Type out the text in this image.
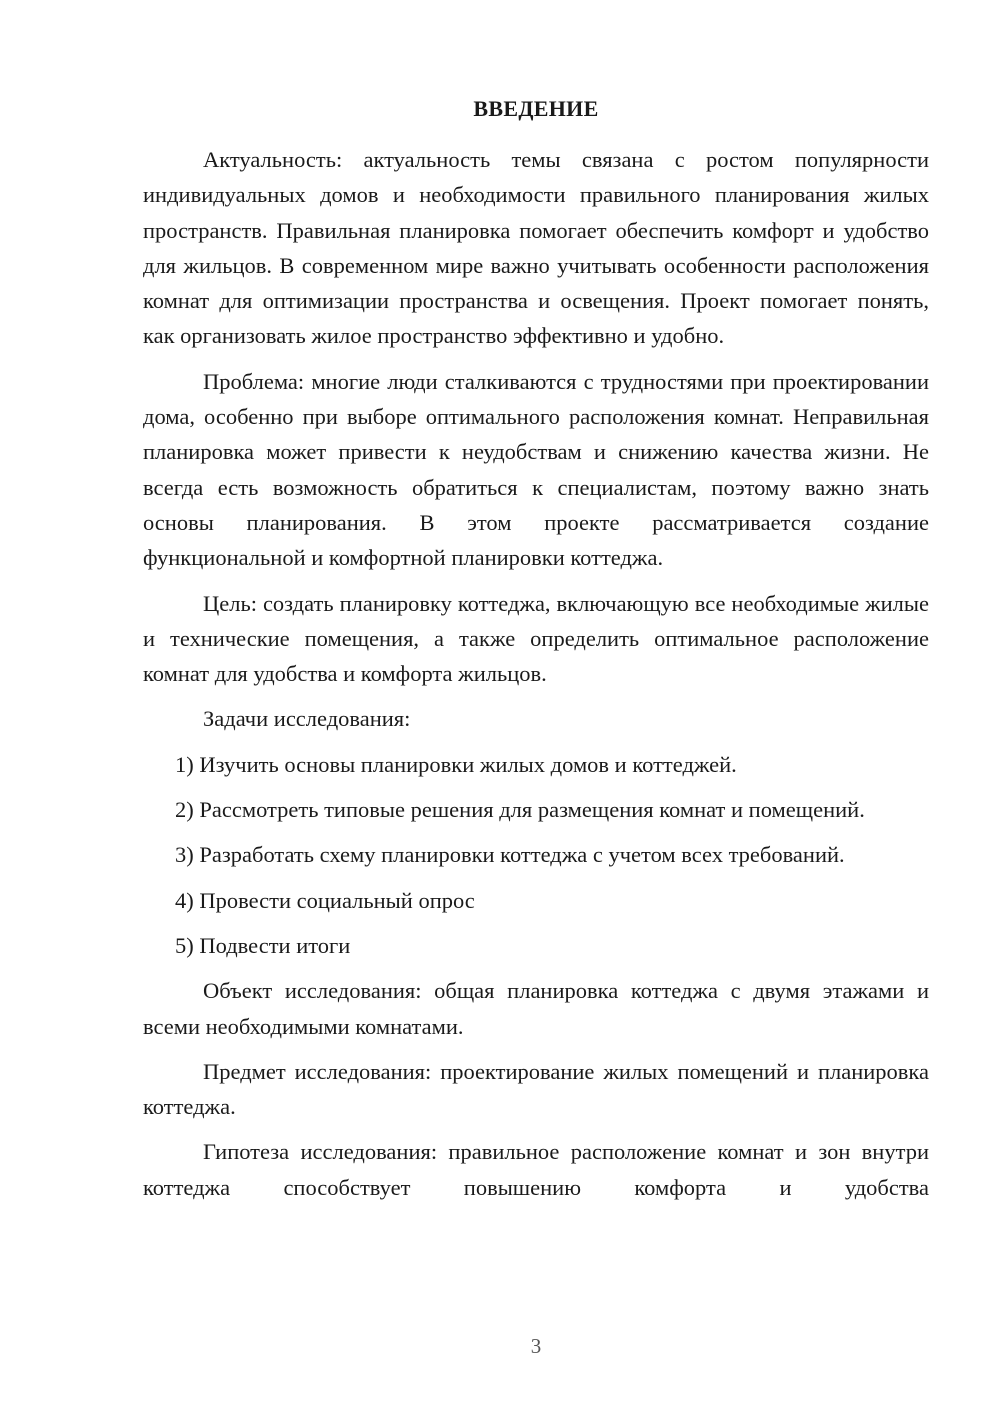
ВВЕДЕНИЕ

Актуальность: актуальность темы связана с ростом популярности индивидуальных домов и необходимости правильного планирования жилых пространств. Правильная планировка помогает обеспечить комфорт и удобство для жильцов. В современном мире важно учитывать особенности расположения комнат для оптимизации пространства и освещения. Проект помогает понять, как организовать жилое пространство эффективно и удобно.

Проблема: многие люди сталкиваются с трудностями при проектировании дома, особенно при выборе оптимального расположения комнат. Неправильная планировка может привести к неудобствам и снижению качества жизни. Не всегда есть возможность обратиться к специалистам, поэтому важно знать основы планирования. В этом проекте рассматривается создание функциональной и комфортной планировки коттеджа.

Цель: создать планировку коттеджа, включающую все необходимые жилые и технические помещения, а также определить оптимальное расположение комнат для удобства и комфорта жильцов.

Задачи исследования:

1) Изучить основы планировки жилых домов и коттеджей.

2) Рассмотреть типовые решения для размещения комнат и помещений.

3) Разработать схему планировки коттеджа с учетом всех требований.

4) Провести социальный опрос

5) Подвести итоги

Объект исследования: общая планировка коттеджа с двумя этажами и всеми необходимыми комнатами.

Предмет исследования: проектирование жилых помещений и планировка коттеджа.

Гипотеза исследования: правильное расположение комнат и зон внутри коттеджа способствует повышению комфорта и удобства

3
